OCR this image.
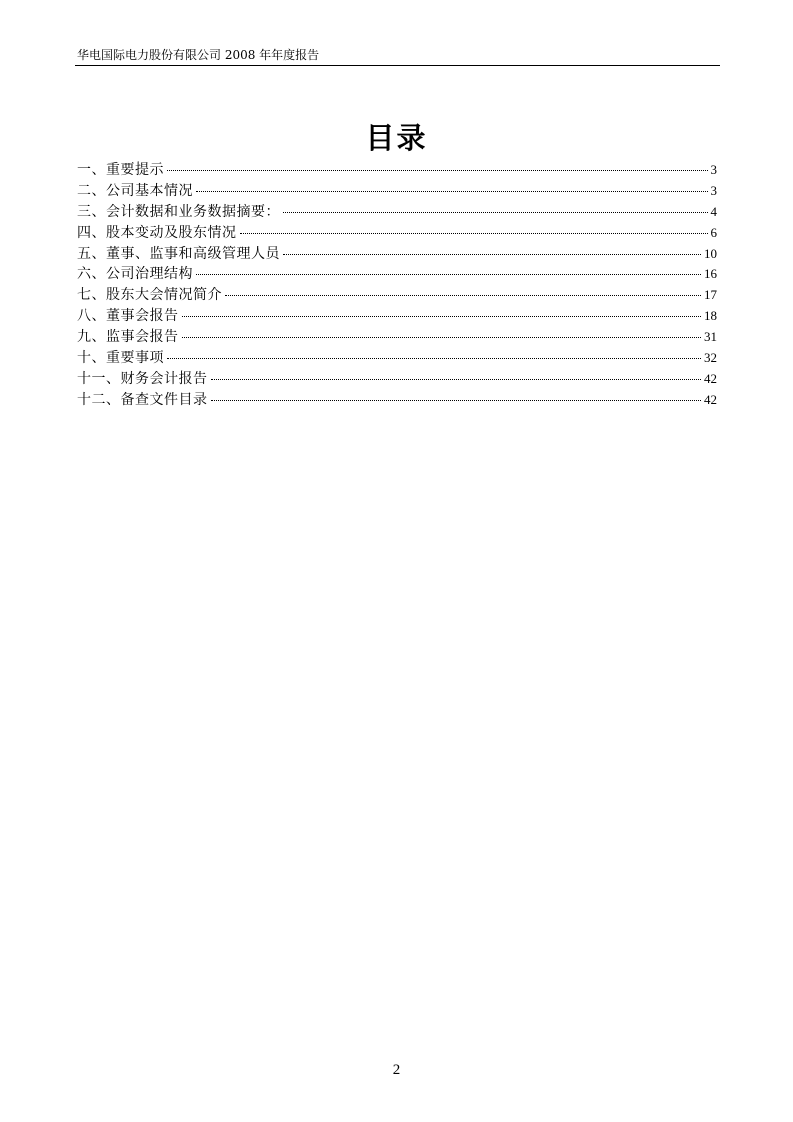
华电国际电力股份有限公司 2008 年年度报告
目录
一、重要提示	3
二、公司基本情况	3
三、会计数据和业务数据摘要：	4
四、股本变动及股东情况	6
五、董事、监事和高级管理人员	10
六、公司治理结构	16
七、股东大会情况简介	17
八、董事会报告	18
九、监事会报告	31
十、重要事项	32
十一、财务会计报告	42
十二、备查文件目录	42
2
